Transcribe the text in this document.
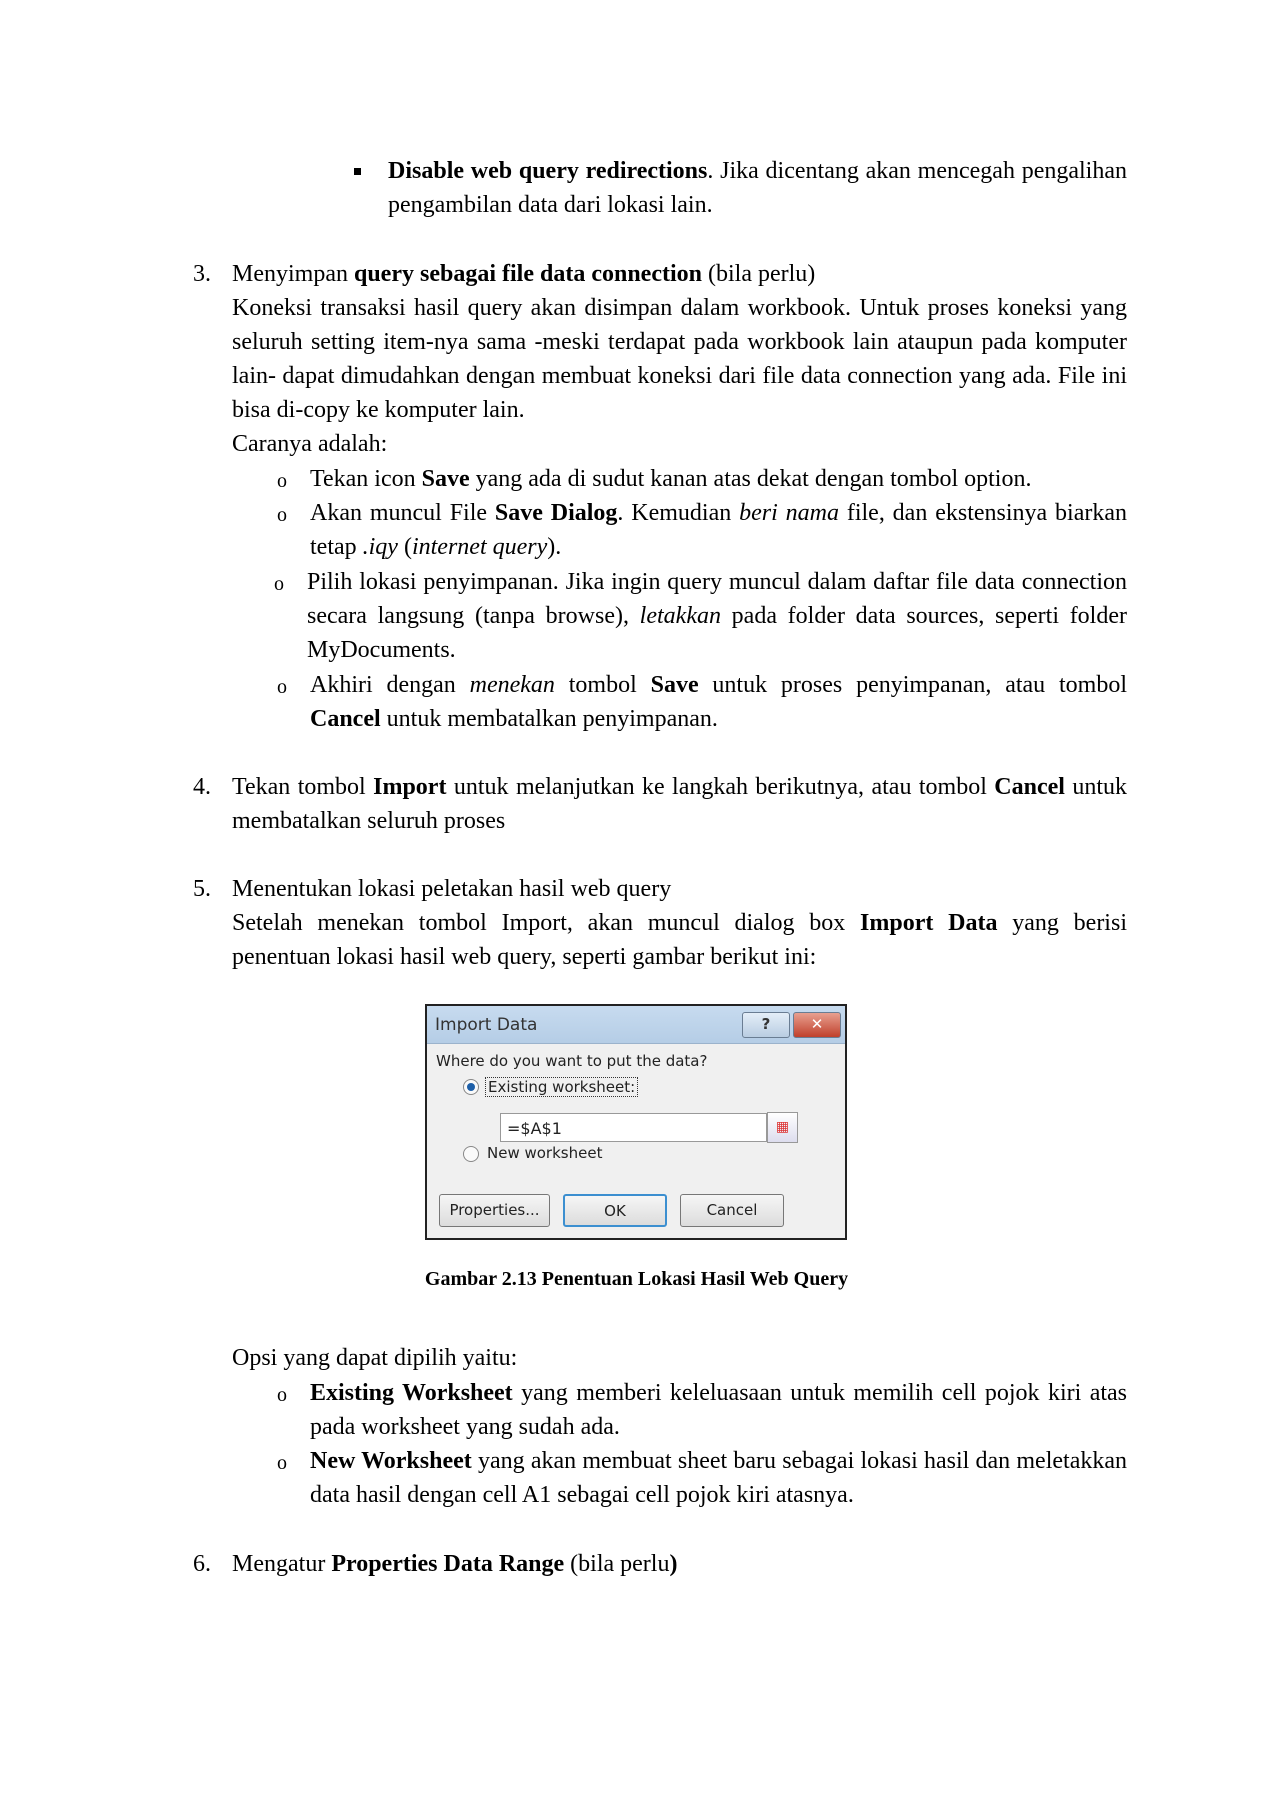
Disable web query redirections. Jika dicentang akan mencegah pengalihan pengambilan data dari lokasi lain.
3. Menyimpan query sebagai file data connection (bila perlu)
Koneksi transaksi hasil query akan disimpan dalam workbook. Untuk proses koneksi yang seluruh setting item-nya sama -meski terdapat pada workbook lain ataupun pada komputer lain- dapat dimudahkan dengan membuat koneksi dari file data connection yang ada. File ini bisa di-copy ke komputer lain.
Caranya adalah:
o Tekan icon Save yang ada di sudut kanan atas dekat dengan tombol option.
o Akan muncul File Save Dialog. Kemudian beri nama file, dan ekstensinya biarkan tetap .iqy (internet query).
o Pilih lokasi penyimpanan. Jika ingin query muncul dalam daftar file data connection secara langsung (tanpa browse), letakkan pada folder data sources, seperti folder MyDocuments.
o Akhiri dengan menekan tombol Save untuk proses penyimpanan, atau tombol Cancel untuk membatalkan penyimpanan.
4. Tekan tombol Import untuk melanjutkan ke langkah berikutnya, atau tombol Cancel untuk membatalkan seluruh proses
5. Menentukan lokasi peletakan hasil web query
Setelah menekan tombol Import, akan muncul dialog box Import Data yang berisi penentuan lokasi hasil web query, seperti gambar berikut ini:
Opsi yang dapat dipilih yaitu:
o Existing Worksheet yang memberi keleluasaan untuk memilih cell pojok kiri atas pada worksheet yang sudah ada.
o New Worksheet yang akan membuat sheet baru sebagai lokasi hasil dan meletakkan data hasil dengan cell A1 sebagai cell pojok kiri atasnya.
6. Mengatur Properties Data Range (bila perlu)
Import Data	?	✕
Where do you want to put the data?
Existing worksheet:
=$A$1	▦
New worksheet
Properties...	OK	Cancel
Gambar 2.13 Penentuan Lokasi Hasil Web Query
